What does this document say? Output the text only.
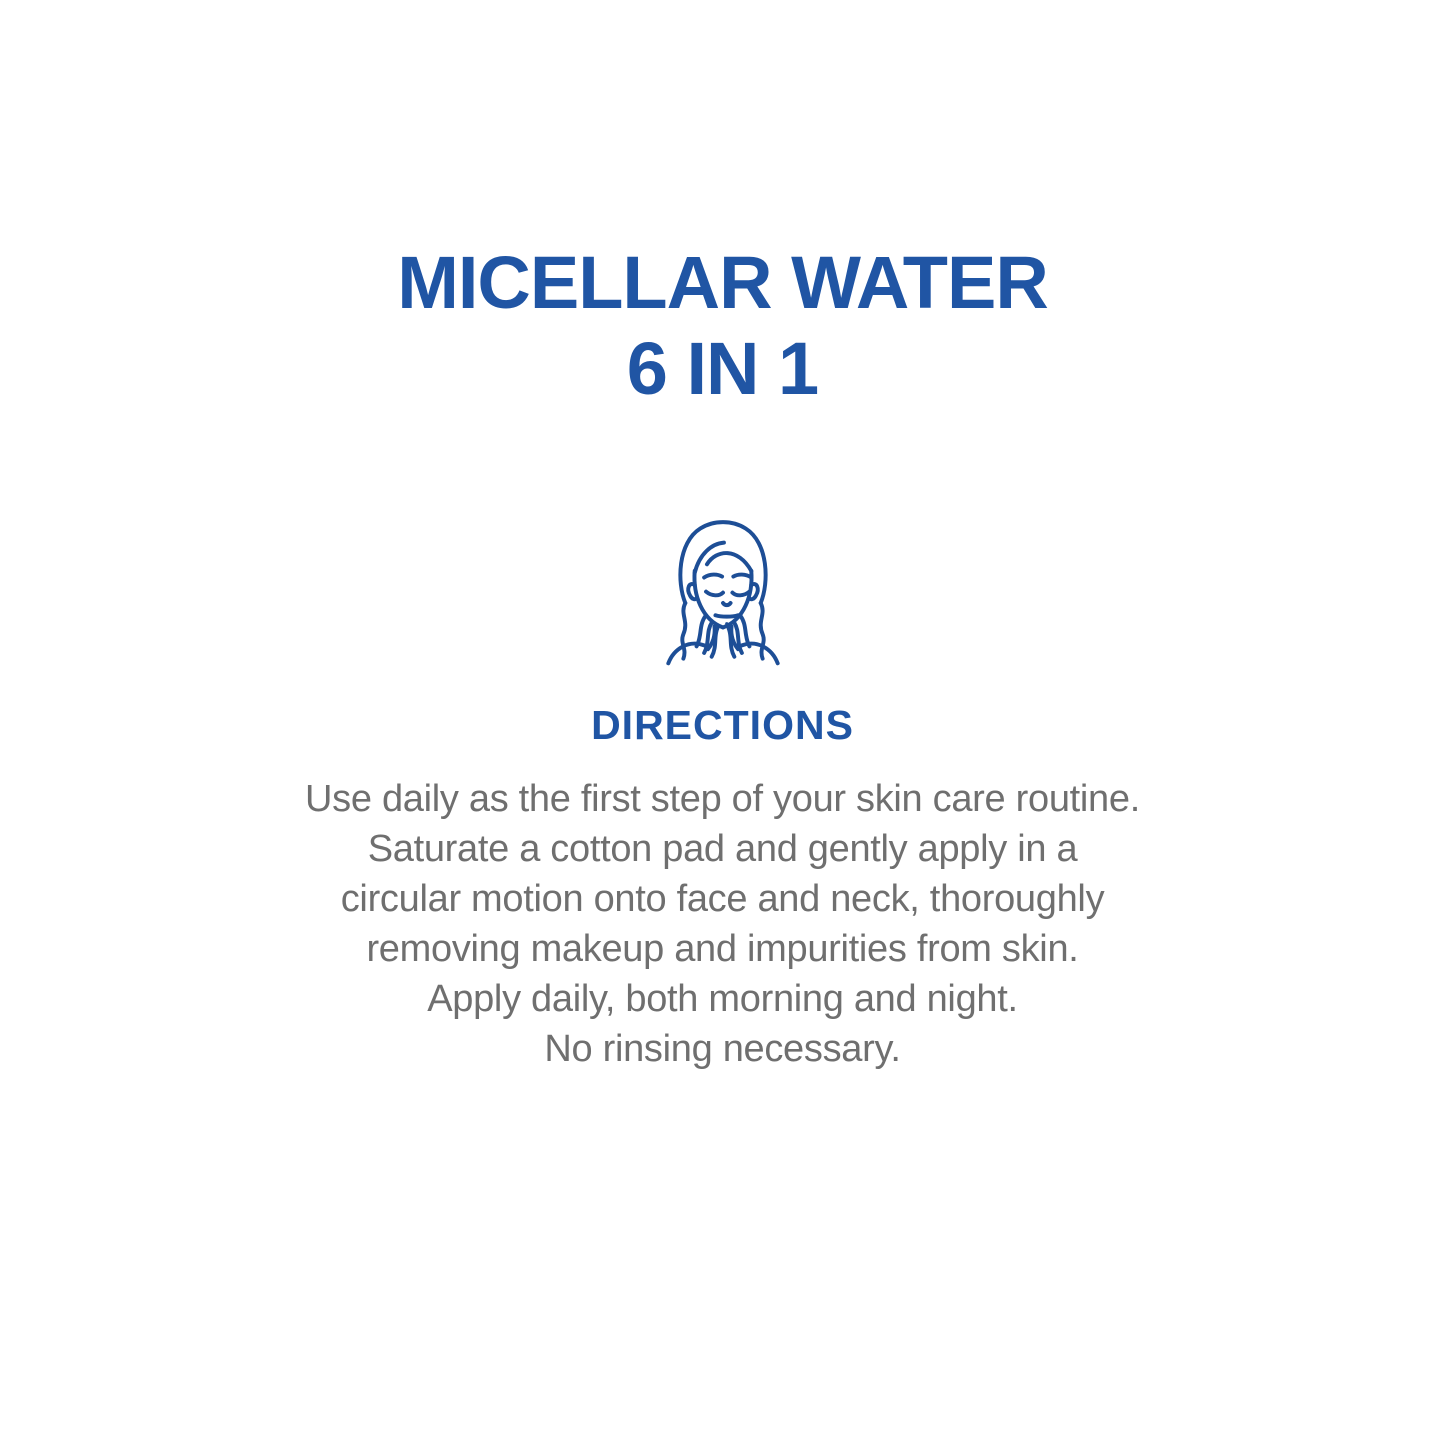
MICELLAR WATER
6 IN 1
DIRECTIONS
Use daily as the first step of your skin care routine.
Saturate a cotton pad and gently apply in a
circular motion onto face and neck, thoroughly
removing makeup and impurities from skin.
Apply daily, both morning and night.
No rinsing necessary.
